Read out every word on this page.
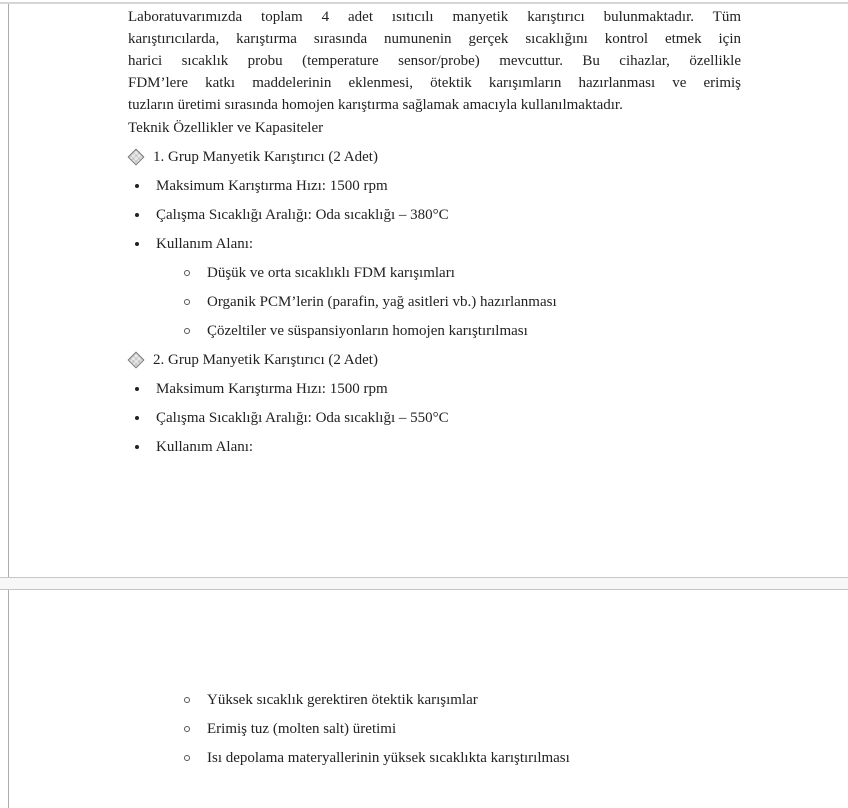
Laboratuvarımızda toplam 4 adet ısıtıcılı manyetik karıştırıcı bulunmaktadır. Tüm
karıştırıcılarda, karıştırma sırasında numunenin gerçek sıcaklığını kontrol etmek için
harici sıcaklık probu (temperature sensor/probe) mevcuttur. Bu cihazlar, özellikle
FDM’lere katkı maddelerinin eklenmesi, ötektik karışımların hazırlanması ve erimiş
tuzların üretimi sırasında homojen karıştırma sağlamak amacıyla kullanılmaktadır.
Teknik Özellikler ve Kapasiteler
1. Grup Manyetik Karıştırıcı (2 Adet)
Maksimum Karıştırma Hızı: 1500 rpm
Çalışma Sıcaklığı Aralığı: Oda sıcaklığı – 380°C
Kullanım Alanı:
Düşük ve orta sıcaklıklı FDM karışımları
Organik PCM’lerin (parafin, yağ asitleri vb.) hazırlanması
Çözeltiler ve süspansiyonların homojen karıştırılması
2. Grup Manyetik Karıştırıcı (2 Adet)
Maksimum Karıştırma Hızı: 1500 rpm
Çalışma Sıcaklığı Aralığı: Oda sıcaklığı – 550°C
Kullanım Alanı:
Yüksek sıcaklık gerektiren ötektik karışımlar
Erimiş tuz (molten salt) üretimi
Isı depolama materyallerinin yüksek sıcaklıkta karıştırılması
